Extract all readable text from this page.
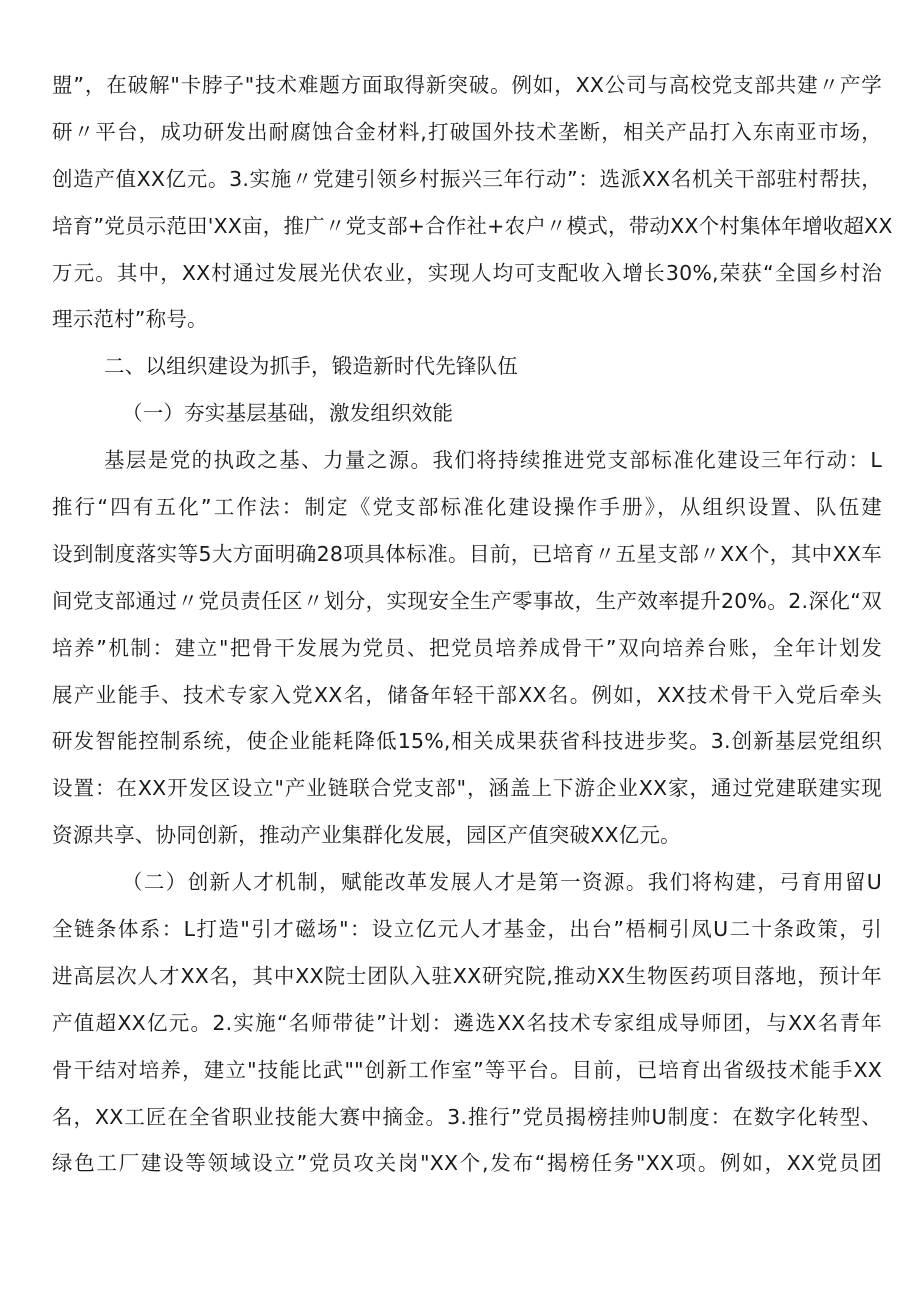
盟”，在破解"卡脖子"技术难题方面取得新突破。例如，XX公司与高校党支部共建〃产学
研〃平台，成功研发出耐腐蚀合金材料,打破国外技术垄断，相关产品打入东南亚市场，
创造产值XX亿元。3.实施〃党建引领乡村振兴三年行动”：选派XX名机关干部驻村帮扶，
培育”党员示范田'XX亩，推广〃党支部+合作社+农户〃模式，带动XX个村集体年增收超XX
万元。其中，XX村通过发展光伏农业，实现人均可支配收入增长30%,荣获“全国乡村治
理示范村”称号。
二、以组织建设为抓手，锻造新时代先锋队伍
（一）夯实基层基础，激发组织效能
基层是党的执政之基、力量之源。我们将持续推进党支部标准化建设三年行动：L
推行“四有五化”工作法：制定《党支部标准化建设操作手册》，从组织设置、队伍建
设到制度落实等5大方面明确28项具体标准。目前，已培育〃五星支部〃XX个，其中XX车
间党支部通过〃党员责任区〃划分，实现安全生产零事故，生产效率提升20%。2.深化“双
培养”机制：建立"把骨干发展为党员、把党员培养成骨干”双向培养台账，全年计划发
展产业能手、技术专家入党XX名，储备年轻干部XX名。例如，XX技术骨干入党后牵头
研发智能控制系统，使企业能耗降低15%,相关成果获省科技进步奖。3.创新基层党组织
设置：在XX开发区设立"产业链联合党支部"，涵盖上下游企业XX家，通过党建联建实现
资源共享、协同创新，推动产业集群化发展，园区产值突破XX亿元。
（二）创新人才机制，赋能改革发展人才是第一资源。我们将构建，弓育用留U
全链条体系：L打造"引才磁场"：设立亿元人才基金，出台”梧桐引凤U二十条政策，引
进高层次人才XX名，其中XX院士团队入驻XX研究院,推动XX生物医药项目落地，预计年
产值超XX亿元。2.实施“名师带徒”计划：遴选XX名技术专家组成导师团，与XX名青年
骨干结对培养，建立"技能比武""创新工作室”等平台。目前，已培育出省级技术能手XX
名，XX工匠在全省职业技能大赛中摘金。3.推行”党员揭榜挂帅U制度：在数字化转型、
绿色工厂建设等领域设立”党员攻关岗"XX个,发布“揭榜任务"XX项。例如，XX党员团
